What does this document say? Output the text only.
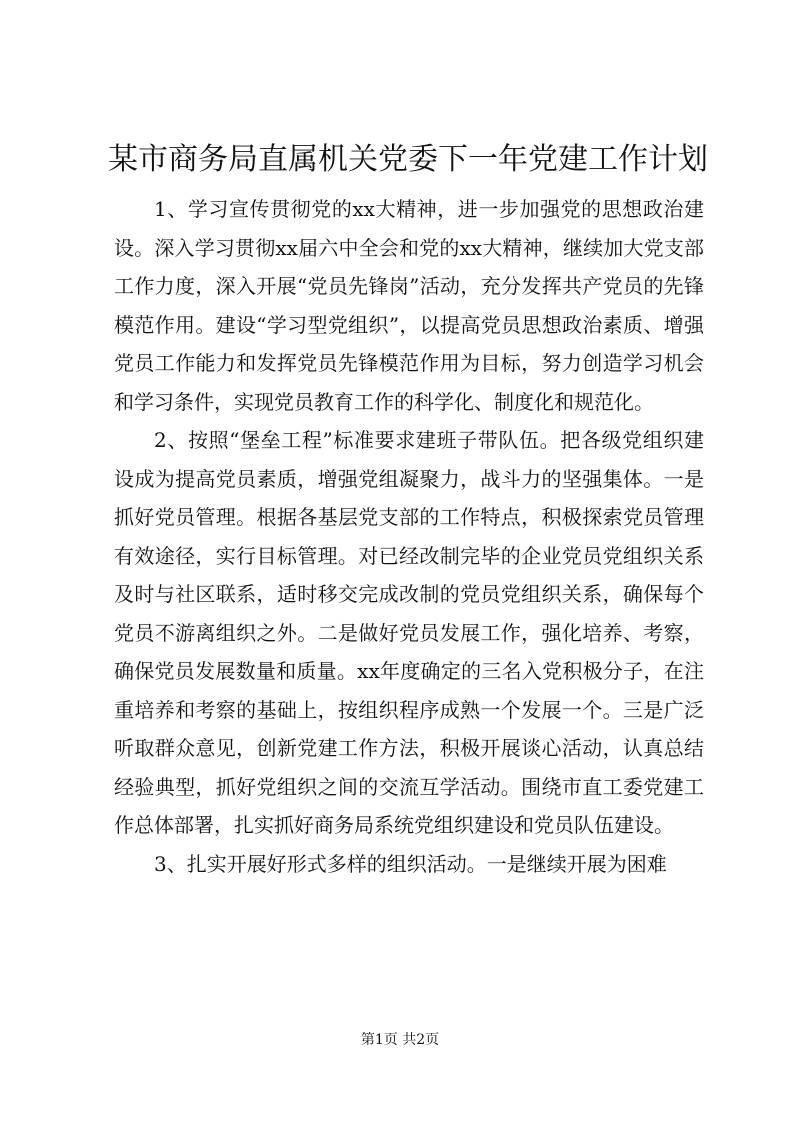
某市商务局直属机关党委下一年党建工作计划

1、学习宣传贯彻党的xx大精神，进一步加强党的思想政治建设。深入学习贯彻xx届六中全会和党的xx大精神，继续加大党支部工作力度，深入开展“党员先锋岗”活动，充分发挥共产党员的先锋模范作用。建设“学习型党组织”，以提高党员思想政治素质、增强党员工作能力和发挥党员先锋模范作用为目标，努力创造学习机会和学习条件，实现党员教育工作的科学化、制度化和规范化。

2、按照“堡垒工程”标准要求建班子带队伍。把各级党组织建设成为提高党员素质，增强党组凝聚力，战斗力的坚强集体。一是抓好党员管理。根据各基层党支部的工作特点，积极探索党员管理有效途径，实行目标管理。对已经改制完毕的企业党员党组织关系及时与社区联系，适时移交完成改制的党员党组织关系，确保每个党员不游离组织之外。二是做好党员发展工作，强化培养、考察，确保党员发展数量和质量。xx年度确定的三名入党积极分子，在注重培养和考察的基础上，按组织程序成熟一个发展一个。三是广泛听取群众意见，创新党建工作方法，积极开展谈心活动，认真总结经验典型，抓好党组织之间的交流互学活动。围绕市直工委党建工作总体部署，扎实抓好商务局系统党组织建设和党员队伍建设。

3、扎实开展好形式多样的组织活动。一是继续开展为困难

第1页 共2页
